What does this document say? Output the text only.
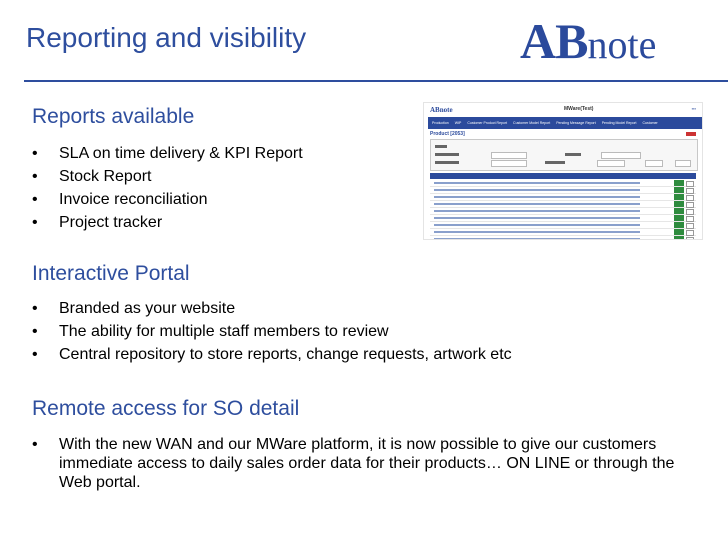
Reporting and visibility	ABnote
Reports available
•	SLA on time delivery & KPI Report
•	Stock Report
•	Invoice reconciliation
•	Project tracker
Interactive Portal
•	Branded as your website
•	The ability for multiple staff members to review
•	Central repository to store reports, change requests, artwork etc
Remote access for SO detail
•	With the new WAN and our MWare platform, it is now possible to give our customers immediate access to daily sales order data for their products… ON LINE or through the Web portal.
ABnote	MWare(Test)	▪▪▪
Production WIP Customer Product Report Customer Model Report Pending Message Report Pending Model Report Customer
Product [2053]
